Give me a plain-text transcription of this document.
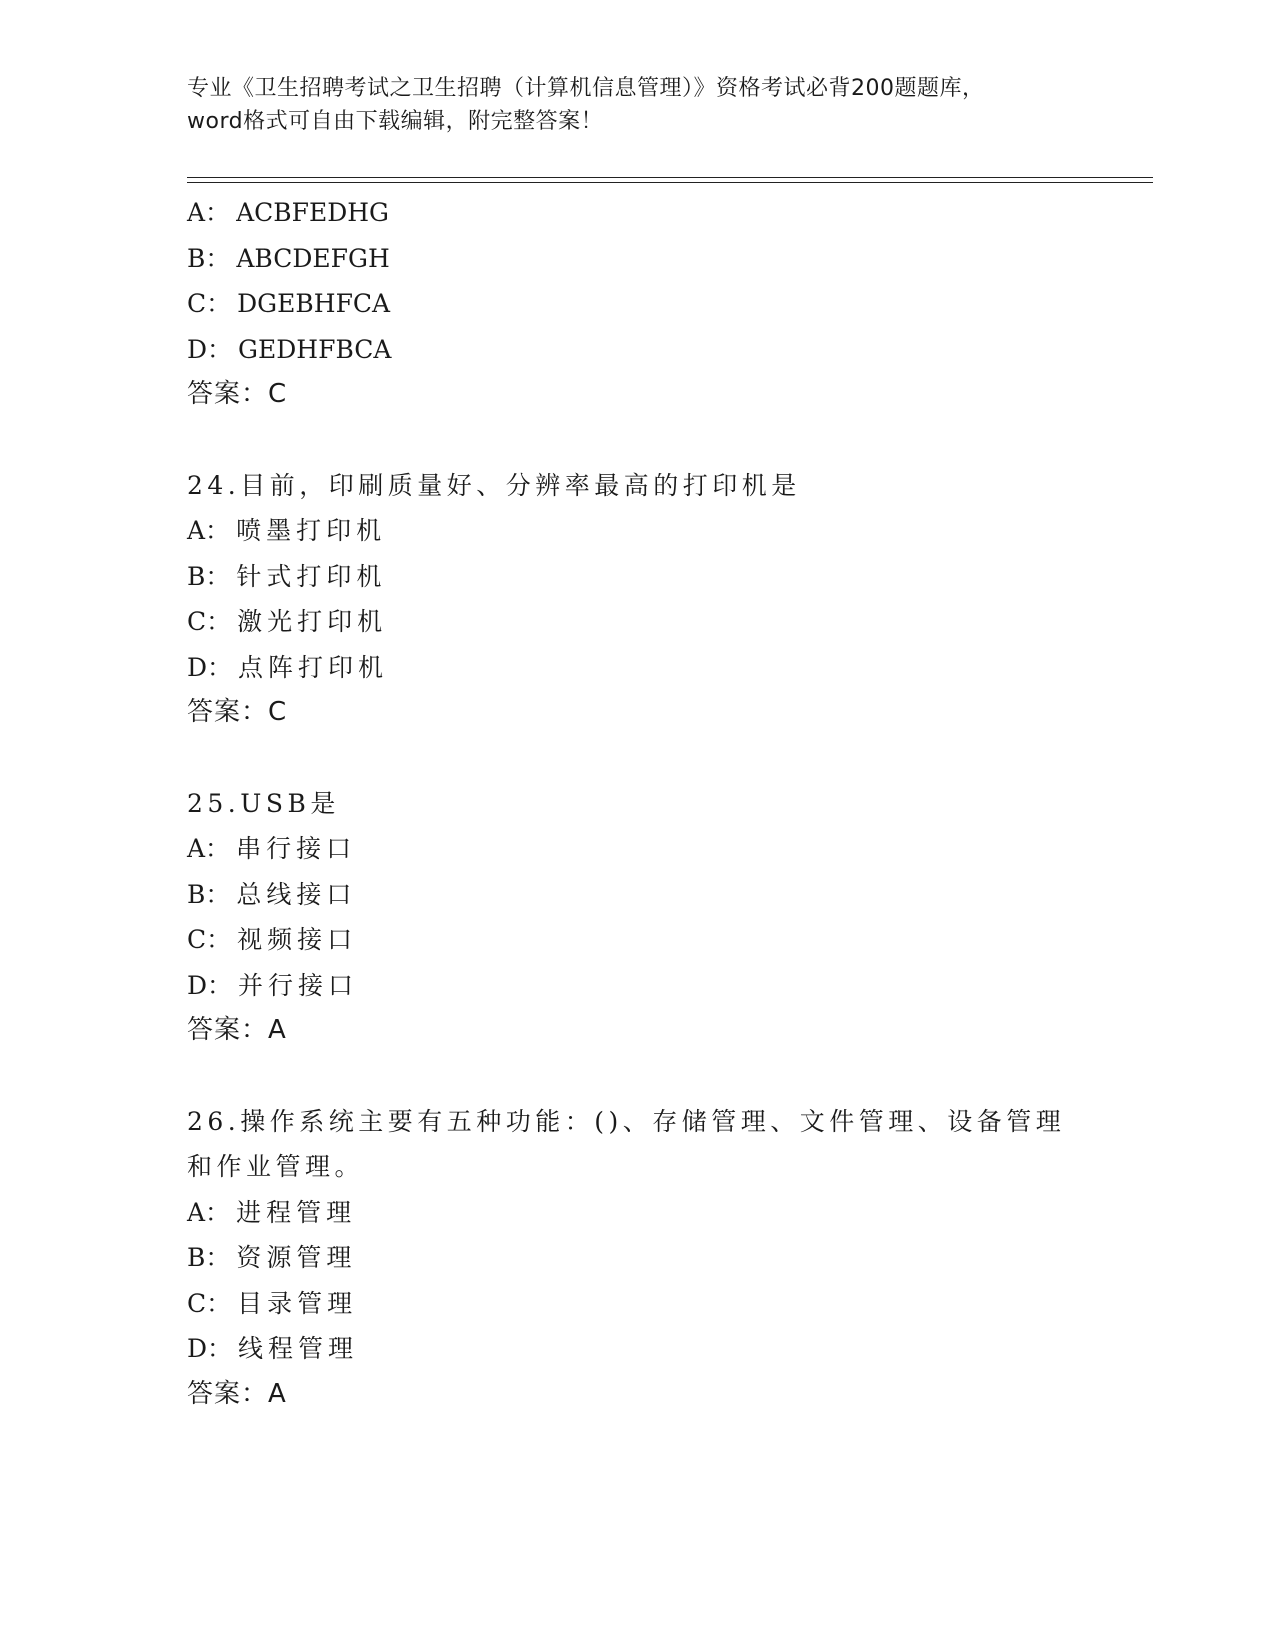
专业《卫生招聘考试之卫生招聘（计算机信息管理）》资格考试必背200题题库，
word格式可自由下载编辑，附完整答案！
A： ACBFEDHG
B： ABCDEFGH
C： DGEBHFCA
D： GEDHFBCA
答案：C
24.目前，印刷质量好、分辨率最高的打印机是
A： 喷墨打印机
B： 针式打印机
C： 激光打印机
D： 点阵打印机
答案：C
25.USB是
A： 串行接口
B： 总线接口
C： 视频接口
D： 并行接口
答案：A
26.操作系统主要有五种功能：()、存储管理、文件管理、设备管理和作业管理。
A： 进程管理
B： 资源管理
C： 目录管理
D： 线程管理
答案：A
